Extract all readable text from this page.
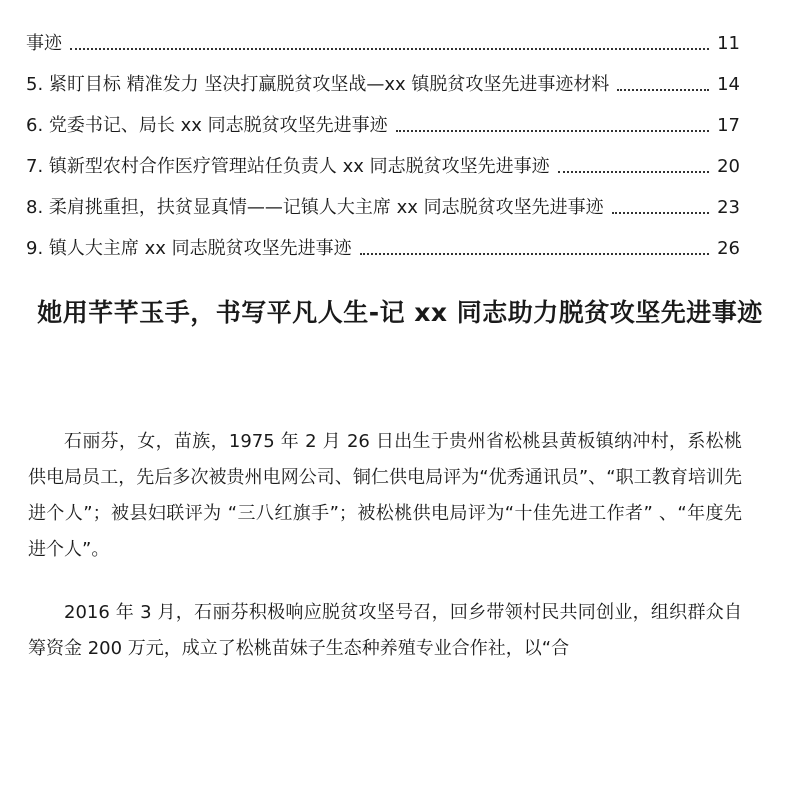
事迹	11
5. 紧盯目标 精准发力 坚决打赢脱贫攻坚战—xx 镇脱贫攻坚先进事迹材料	14
6. 党委书记、局长 xx 同志脱贫攻坚先进事迹	17
7. 镇新型农村合作医疗管理站任负责人 xx 同志脱贫攻坚先进事迹	20
8. 柔肩挑重担，扶贫显真情——记镇人大主席 xx 同志脱贫攻坚先进事迹	23
9. 镇人大主席 xx 同志脱贫攻坚先进事迹	26
她用芊芊玉手，书写平凡人生-记 xx 同志助力脱贫攻坚先进事迹

石丽芬，女，苗族，1975 年 2 月 26 日出生于贵州省松桃县黄板镇纳冲村，系松桃供电局员工，先后多次被贵州电网公司、铜仁供电局评为“优秀通讯员”、“职工教育培训先进个人”；被县妇联评为 “三八红旗手”；被松桃供电局评为“十佳先进工作者” 、“年度先进个人”。

2016 年 3 月，石丽芬积极响应脱贫攻坚号召，回乡带领村民共同创业，组织群众自筹资金 200 万元，成立了松桃苗妹子生态种养殖专业合作社，以“合
